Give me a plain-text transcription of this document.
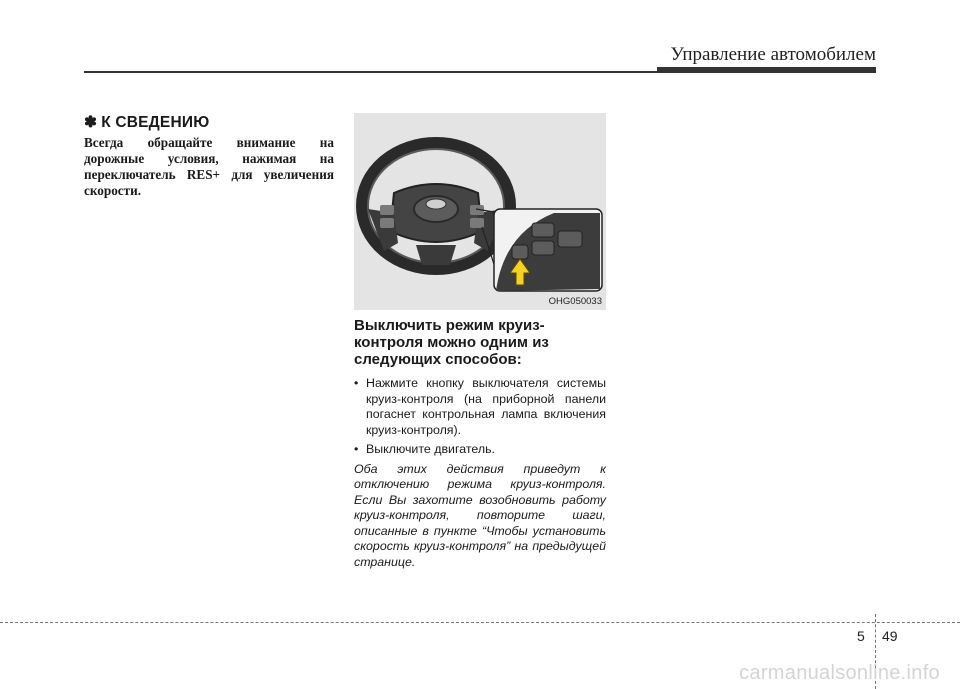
Управление автомобилем
✽ К СВЕДЕНИЮ

Всегда обращайте внимание на дорожные условия, нажимая на переключатель RES+ для увеличения скорости.

OHG050033
Выключить режим круиз-контроля можно одним из следующих способов:

• Нажмите кнопку выключателя системы круиз-контроля (на приборной панели погаснет контрольная лампа включения круиз-контроля).

• Выключите двигатель.

Оба этих действия приведут к отключению режима круиз-контроля. Если Вы захотите возобновить работу круиз-контроля, повторите шаги, описанные в пункте “Чтобы установить скорость круиз-контроля” на предыдущей странице.

5 49
carmanualsonline.info
